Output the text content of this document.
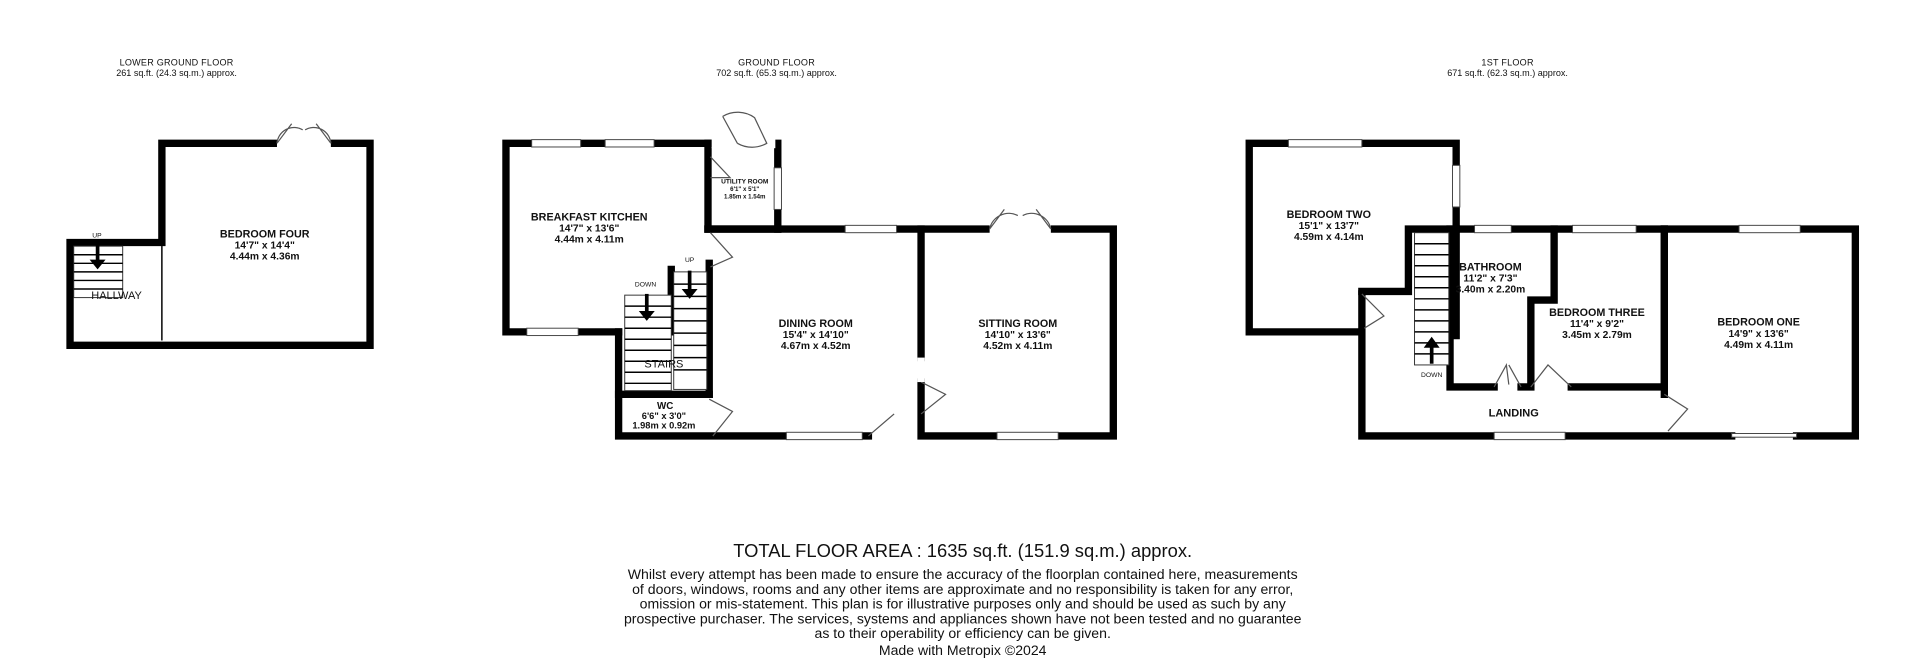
LOWER GROUND FLOOR
261 sq.ft. (24.3 sq.m.) approx.
UP
HALLWAY
BEDROOM FOUR
14'7" x 14'4"
4.44m x 4.36m
GROUND FLOOR
702 sq.ft. (65.3 sq.m.) approx.
DOWN
UP
STAIRS
BREAKFAST KITCHEN
14'7" x 13'6"
4.44m x 4.11m
UTILITY ROOM
6'1" x 5'1"
1.85m x 1.54m
DINING ROOM
15'4" x 14'10"
4.67m x 4.52m
SITTING ROOM
14'10" x 13'6"
4.52m x 4.11m
WC
6'6" x 3'0"
1.98m x 0.92m
1ST FLOOR
671 sq.ft. (62.3 sq.m.) approx.
DOWN
BEDROOM TWO
15'1" x 13'7"
4.59m x 4.14m
BATHROOM
11'2" x 7'3"
3.40m x 2.20m
BEDROOM THREE
11'4" x 9'2"
3.45m x 2.79m
BEDROOM ONE
14'9" x 13'6"
4.49m x 4.11m
LANDING
TOTAL FLOOR AREA : 1635 sq.ft. (151.9 sq.m.) approx.
Whilst every attempt has been made to ensure the accuracy of the floorplan contained here, measurements
of doors, windows, rooms and any other items are approximate and no responsibility is taken for any error,
omission or mis-statement. This plan is for illustrative purposes only and should be used as such by any
prospective purchaser. The services, systems and appliances shown have not been tested and no guarantee
as to their operability or efficiency can be given.
Made with Metropix ©2024
